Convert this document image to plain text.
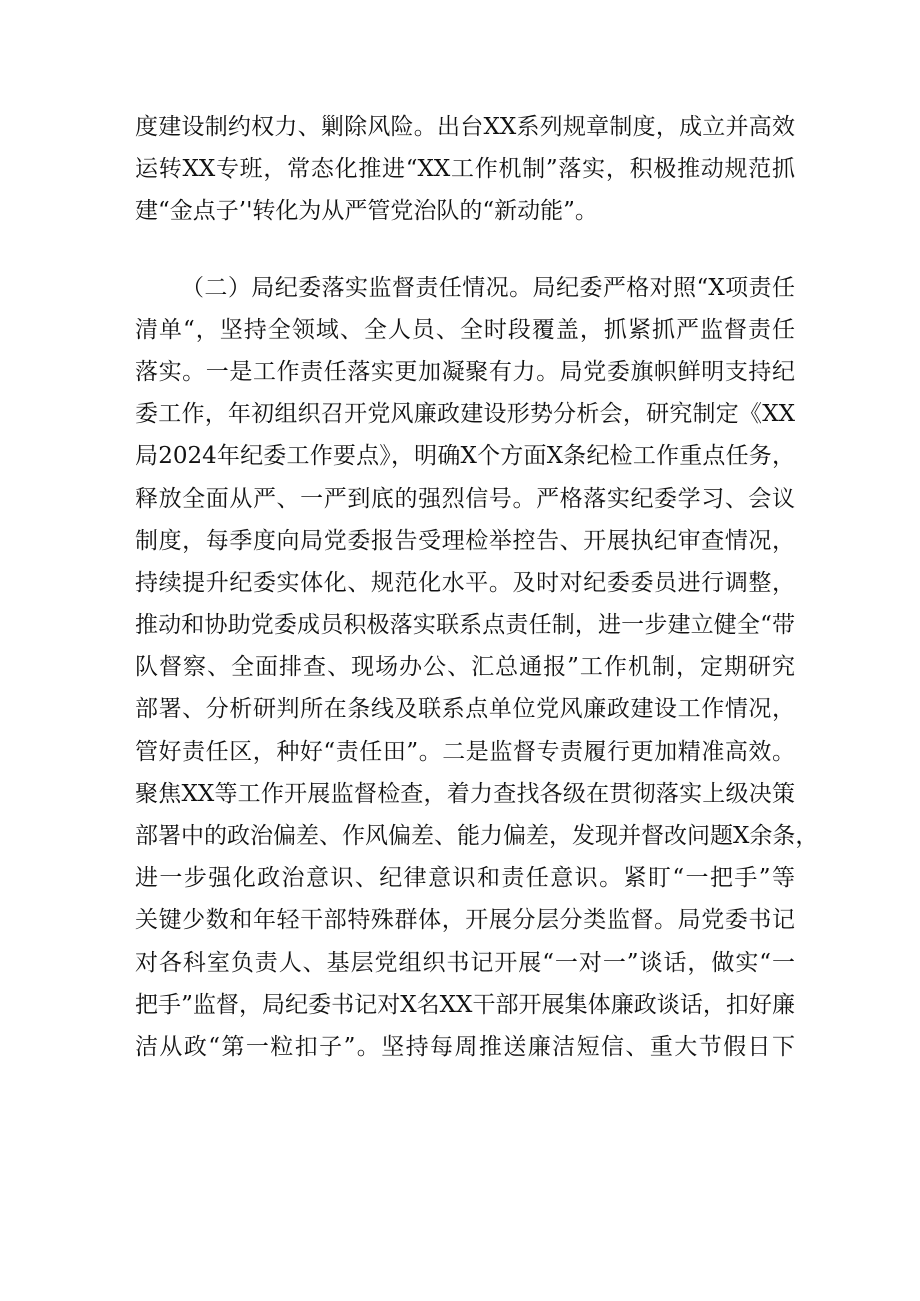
度建设制约权力、剿除风险。出台XX系列规章制度，成立并高效
运转XX专班，常态化推进“XX工作机制”落实，积极推动规范抓
建“金点子’'转化为从严管党治队的“新动能”。
（二）局纪委落实监督责任情况。局纪委严格对照“X项责任
清单“，坚持全领域、全人员、全时段覆盖，抓紧抓严监督责任
落实。一是工作责任落实更加凝聚有力。局党委旗帜鲜明支持纪
委工作，年初组织召开党风廉政建设形势分析会，研究制定《XX
局2024年纪委工作要点》，明确X个方面X条纪检工作重点任务，
释放全面从严、一严到底的强烈信号。严格落实纪委学习、会议
制度，每季度向局党委报告受理检举控告、开展执纪审查情况，
持续提升纪委实体化、规范化水平。及时对纪委委员进行调整，
推动和协助党委成员积极落实联系点责任制，进一步建立健全“带
队督察、全面排查、现场办公、汇总通报”工作机制，定期研究
部署、分析研判所在条线及联系点单位党风廉政建设工作情况，
管好责任区，种好“责任田”。二是监督专责履行更加精准高效。
聚焦XX等工作开展监督检查，着力查找各级在贯彻落实上级决策
部署中的政治偏差、作风偏差、能力偏差，发现并督改问题X余条，
进一步强化政治意识、纪律意识和责任意识。紧盯“一把手”等
关键少数和年轻干部特殊群体，开展分层分类监督。局党委书记
对各科室负责人、基层党组织书记开展“一对一”谈话，做实“一
把手”监督，局纪委书记对X名XX干部开展集体廉政谈话，扣好廉
洁从政“第一粒扣子”。坚持每周推送廉洁短信、重大节假日下
